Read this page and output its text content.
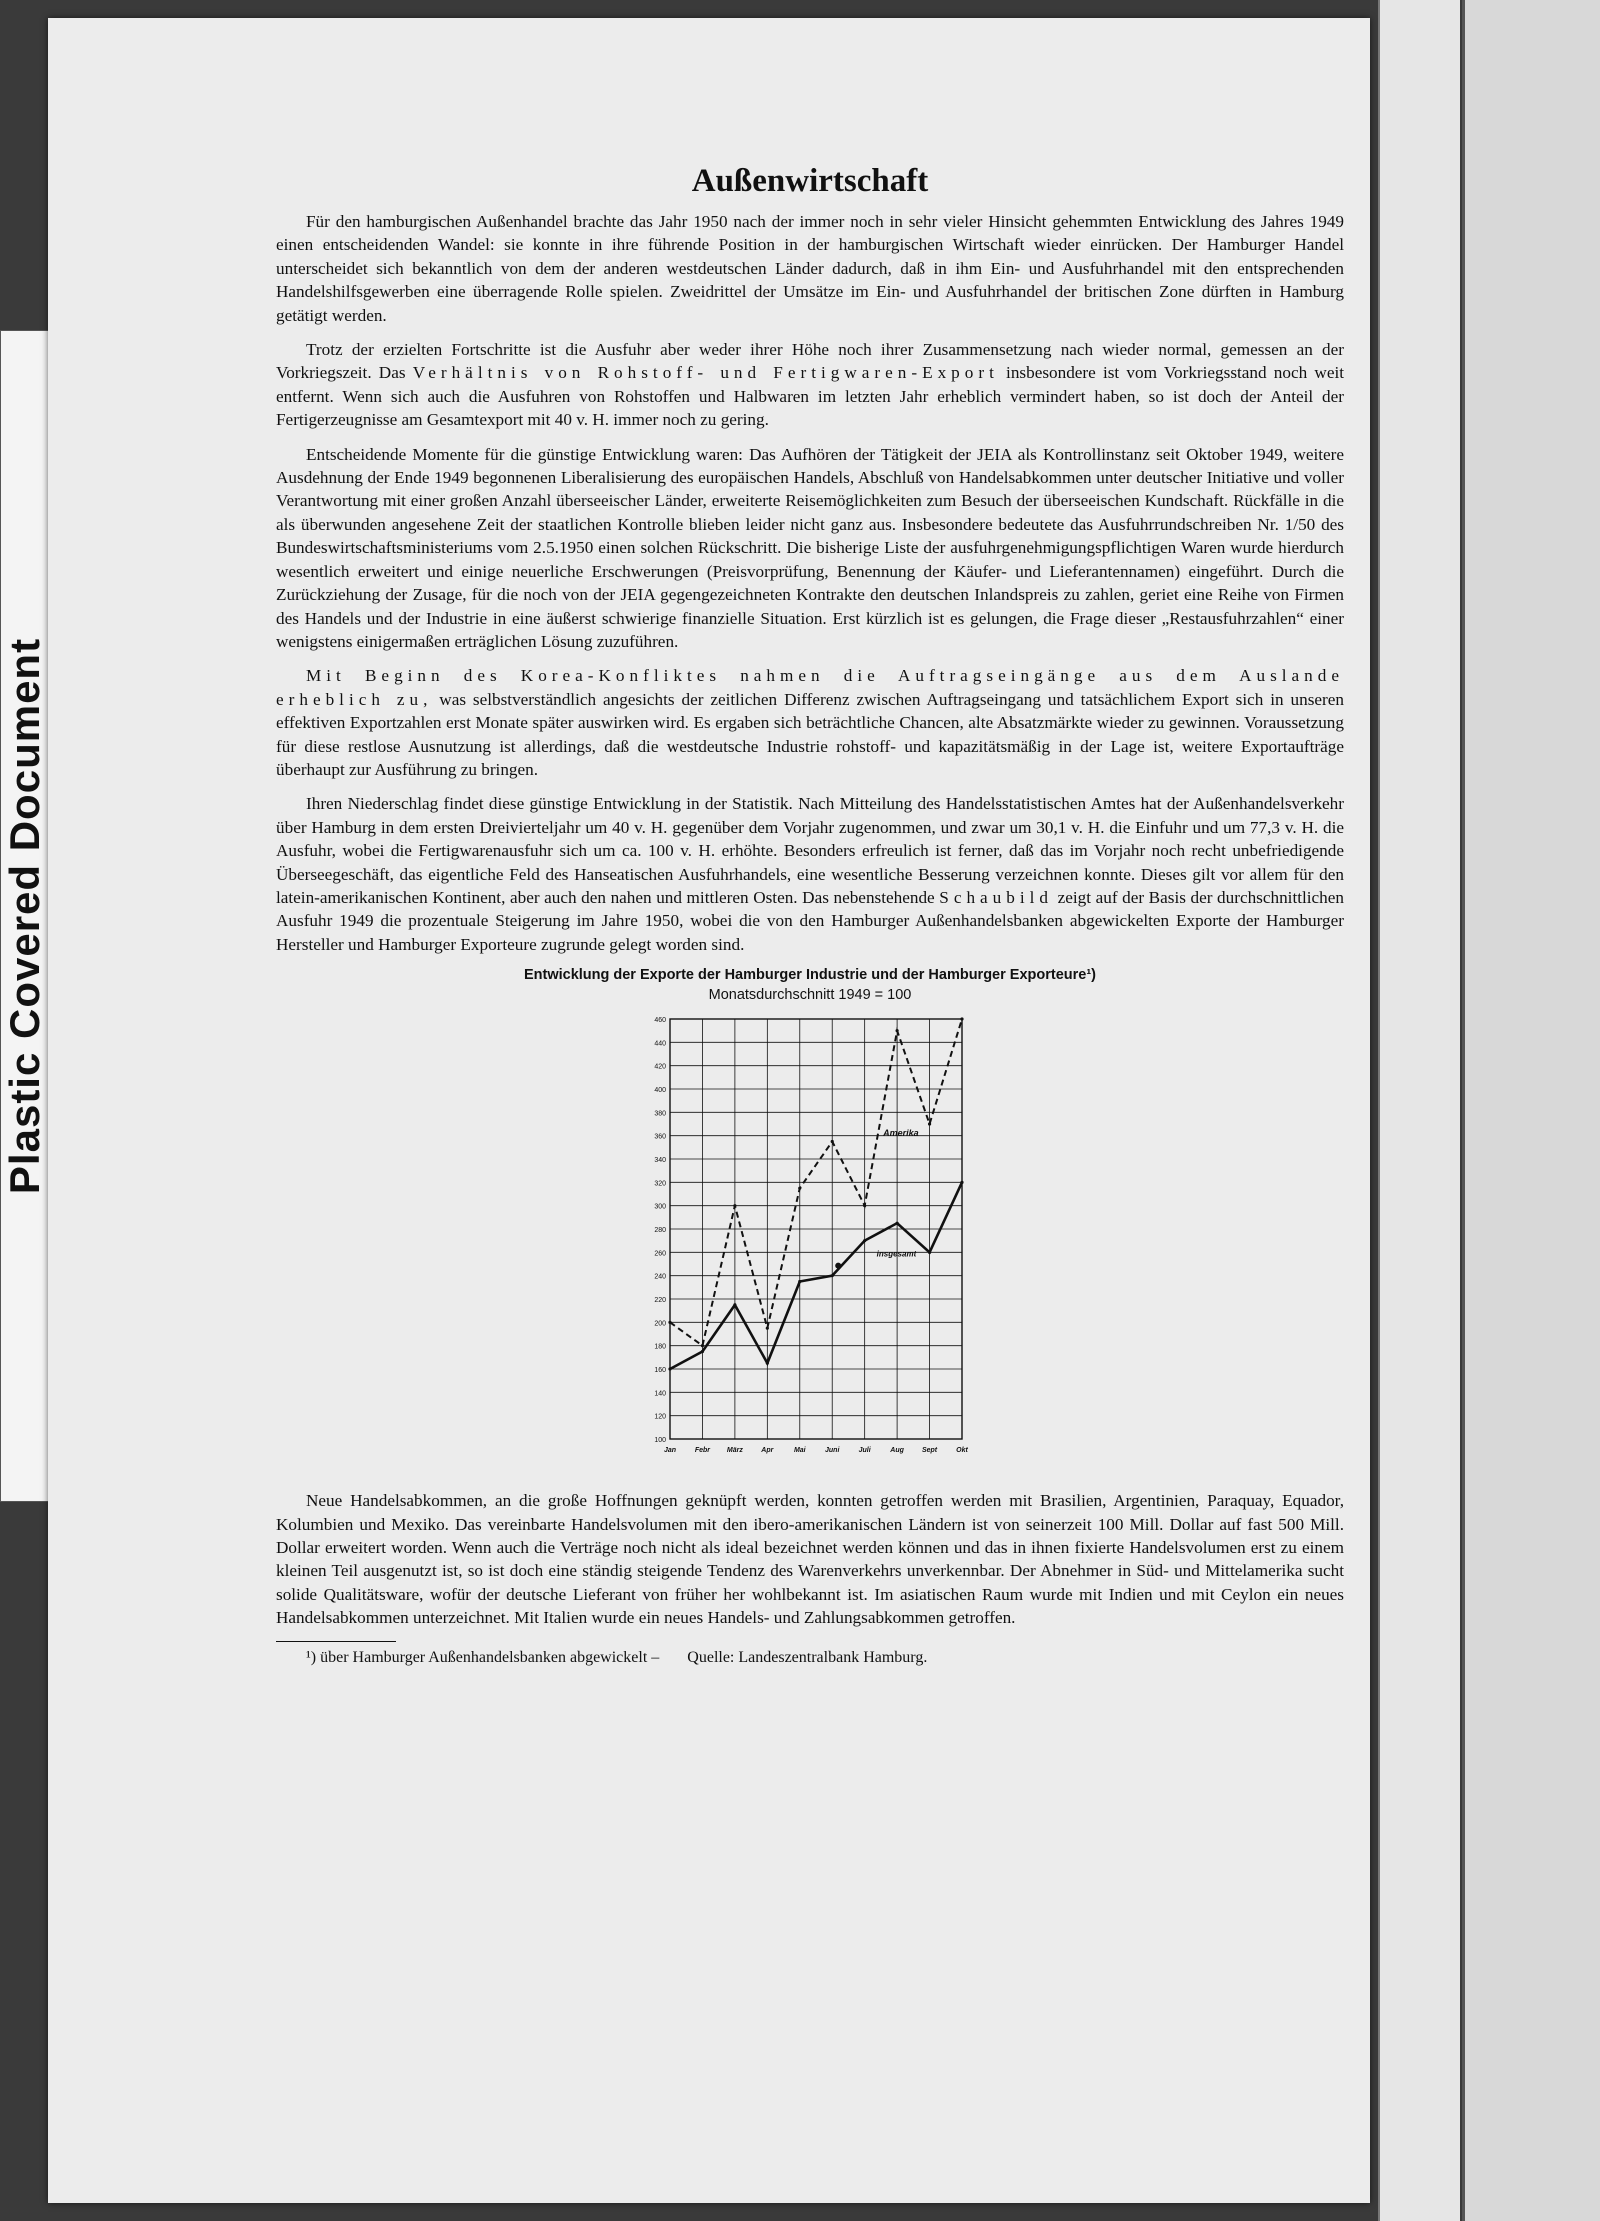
Plastic Covered Document
Außenwirtschaft

Für den hamburgischen Außenhandel brachte das Jahr 1950 nach der immer noch in sehr vieler Hinsicht gehemmten Entwicklung des Jahres 1949 einen entscheidenden Wandel: sie konnte in ihre führende Position in der hamburgischen Wirtschaft wieder einrücken. Der Hamburger Handel unterscheidet sich bekanntlich von dem der anderen westdeutschen Länder dadurch, daß in ihm Ein- und Ausfuhrhandel mit den entsprechenden Handelshilfsgewerben eine überragende Rolle spielen. Zweidrittel der Umsätze im Ein- und Ausfuhrhandel der britischen Zone dürften in Hamburg getätigt werden.

Trotz der erzielten Fortschritte ist die Ausfuhr aber weder ihrer Höhe noch ihrer Zusammensetzung nach wieder normal, gemessen an der Vorkriegszeit. Das Verhältnis von Rohstoff- und Fertigwaren-Export insbesondere ist vom Vorkriegsstand noch weit entfernt. Wenn sich auch die Ausfuhren von Rohstoffen und Halbwaren im letzten Jahr erheblich vermindert haben, so ist doch der Anteil der Fertigerzeugnisse am Gesamtexport mit 40 v. H. immer noch zu gering.

Entscheidende Momente für die günstige Entwicklung waren: Das Aufhören der Tätigkeit der JEIA als Kontrollinstanz seit Oktober 1949, weitere Ausdehnung der Ende 1949 begonnenen Liberalisierung des europäischen Handels, Abschluß von Handelsabkommen unter deutscher Initiative und voller Verantwortung mit einer großen Anzahl überseeischer Länder, erweiterte Reisemöglichkeiten zum Besuch der überseeischen Kundschaft. Rückfälle in die als überwunden angesehene Zeit der staatlichen Kontrolle blieben leider nicht ganz aus. Insbesondere bedeutete das Ausfuhrrundschreiben Nr. 1/50 des Bundeswirtschaftsministeriums vom 2.5.1950 einen solchen Rückschritt. Die bisherige Liste der ausfuhrgenehmigungspflichtigen Waren wurde hierdurch wesentlich erweitert und einige neuerliche Erschwerungen (Preisvorprüfung, Benennung der Käufer- und Lieferantennamen) eingeführt. Durch die Zurückziehung der Zusage, für die noch von der JEIA gegengezeichneten Kontrakte den deutschen Inlandspreis zu zahlen, geriet eine Reihe von Firmen des Handels und der Industrie in eine äußerst schwierige finanzielle Situation. Erst kürzlich ist es gelungen, die Frage dieser „Restausfuhrzahlen“ einer wenigstens einigermaßen erträglichen Lösung zuzuführen.

Mit Beginn des Korea-Konfliktes nahmen die Auftragseingänge aus dem Auslande erheblich zu, was selbstverständlich angesichts der zeitlichen Differenz zwischen Auftragseingang und tatsächlichem Export sich in unseren effektiven Exportzahlen erst Monate später auswirken wird. Es ergaben sich beträchtliche Chancen, alte Absatzmärkte wieder zu gewinnen. Voraussetzung für diese restlose Ausnutzung ist allerdings, daß die westdeutsche Industrie rohstoff- und kapazitätsmäßig in der Lage ist, weitere Exportaufträge überhaupt zur Ausführung zu bringen.

Ihren Niederschlag findet diese günstige Entwicklung in der Statistik. Nach Mitteilung des Handelsstatistischen Amtes hat der Außenhandelsverkehr über Hamburg in dem ersten Dreivierteljahr um 40 v. H. gegenüber dem Vorjahr zugenommen, und zwar um 30,1 v. H. die Einfuhr und um 77,3 v. H. die Ausfuhr, wobei die Fertigwarenausfuhr sich um ca. 100 v. H. erhöhte. Besonders erfreulich ist ferner, daß das im Vorjahr noch recht unbefriedigende Überseegeschäft, das eigentliche Feld des Hanseatischen Ausfuhrhandels, eine wesentliche Besserung verzeichnen konnte. Dieses gilt vor allem für den latein-amerikanischen Kontinent, aber auch den nahen und mittleren Osten. Das nebenstehende Schaubild zeigt auf der Basis der durchschnittlichen Ausfuhr 1949 die prozentuale Steigerung im Jahre 1950, wobei die von den Hamburger Außenhandelsbanken abgewickelten Exporte der Hamburger Hersteller und Hamburger Exporteure zugrunde gelegt worden sind.

Entwicklung der Exporte der Hamburger Industrie und der Hamburger Exporteure¹)
Monatsdurchschnitt 1949 = 100
100
120
140
160
180
200
220
240
260
280
300
320
340
360
380
400
420
440
460
Jan	Febr März	Apr	Mai	Juni	Juli	Aug	Sept	Okt
Amerika
insgesamt

Neue Handelsabkommen, an die große Hoffnungen geknüpft werden, konnten getroffen werden mit Brasilien, Argentinien, Paraquay, Equador, Kolumbien und Mexiko. Das vereinbarte Handelsvolumen mit den ibero-amerikanischen Ländern ist von seinerzeit 100 Mill. Dollar auf fast 500 Mill. Dollar erweitert worden. Wenn auch die Verträge noch nicht als ideal bezeichnet werden können und das in ihnen fixierte Handelsvolumen erst zu einem kleinen Teil ausgenutzt ist, so ist doch eine ständig steigende Tendenz des Warenverkehrs unverkennbar. Der Abnehmer in Süd- und Mittelamerika sucht solide Qualitätsware, wofür der deutsche Lieferant von früher her wohlbekannt ist. Im asiatischen Raum wurde mit Indien und mit Ceylon ein neues Handelsabkommen unterzeichnet. Mit Italien wurde ein neues Handels- und Zahlungsabkommen getroffen.

¹) über Hamburger Außenhandelsbanken abgewickelt – Quelle: Landeszentralbank Hamburg.
